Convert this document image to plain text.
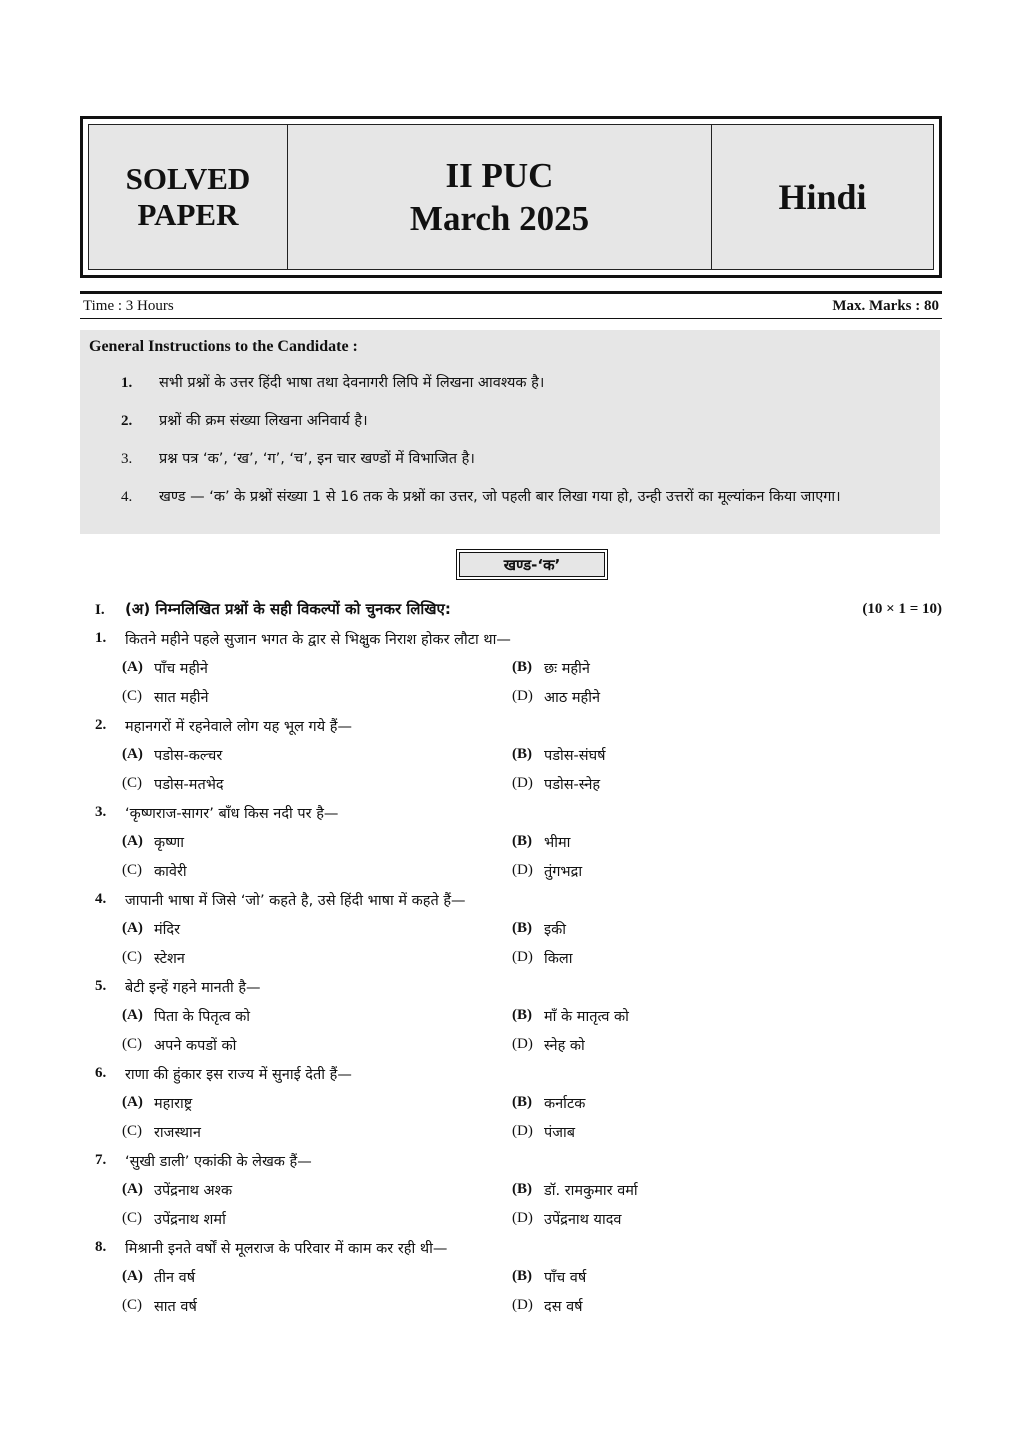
SOLVED
PAPER
II PUC
March 2025
Hindi
Time : 3 Hours	Max. Marks : 80
General Instructions to the Candidate :
1.	सभी प्रश्नों के उत्तर हिंदी भाषा तथा देवनागरी लिपि में लिखना आवश्यक है।
2.	प्रश्नों की क्रम संख्या लिखना अनिवार्य है।
3.	प्रश्न पत्र ‘क’, ‘ख’, ‘ग’, ‘च’, इन चार खण्डों में विभाजित है।
4.	खण्ड — ‘क’ के प्रश्नों संख्या 1 से 16 तक के प्रश्नों का उत्तर, जो पहली बार लिखा गया हो, उन्ही उत्तरों का मूल्यांकन किया जाएगा।
खण्ड-‘क’
I. (अ) निम्नलिखित प्रश्नों के सही विकल्पों को चुनकर लिखिए:	(10 × 1 = 10)
1.	कितने महीने पहले सुजान भगत के द्वार से भिक्षुक निराश होकर लौटा था—
(A) पाँच महीने	(B) छः महीने
(C) सात महीने	(D) आठ महीने
2.	महानगरों में रहनेवाले लोग यह भूल गये हैं—
(A) पडोस-कल्चर	(B) पडोस-संघर्ष
(C) पडोस-मतभेद	(D) पडोस-स्नेह
3.	‘कृष्णराज-सागर’ बाँध किस नदी पर है—
(A) कृष्णा	(B) भीमा
(C) कावेरी	(D) तुंगभद्रा
4.	जापानी भाषा में जिसे ‘जो’ कहते है, उसे हिंदी भाषा में कहते हैं—
(A) मंदिर	(B) इकी
(C) स्टेशन	(D) किला
5.	बेटी इन्हें गहने मानती है—
(A) पिता के पितृत्व को	(B) माँ के मातृत्व को
(C) अपने कपडों को	(D) स्नेह को
6.	राणा की हुंकार इस राज्य में सुनाई देती हैं—
(A) महाराष्ट्र	(B) कर्नाटक
(C) राजस्थान	(D) पंजाब
7.	‘सुखी डाली’ एकांकी के लेखक हैं—
(A) उपेंद्रनाथ अश्क	(B) डॉ. रामकुमार वर्मा
(C) उपेंद्रनाथ शर्मा	(D) उपेंद्रनाथ यादव
8.	मिश्रानी इनते वर्षों से मूलराज के परिवार में काम कर रही थी—
(A) तीन वर्ष	(B) पाँच वर्ष
(C) सात वर्ष	(D) दस वर्ष
